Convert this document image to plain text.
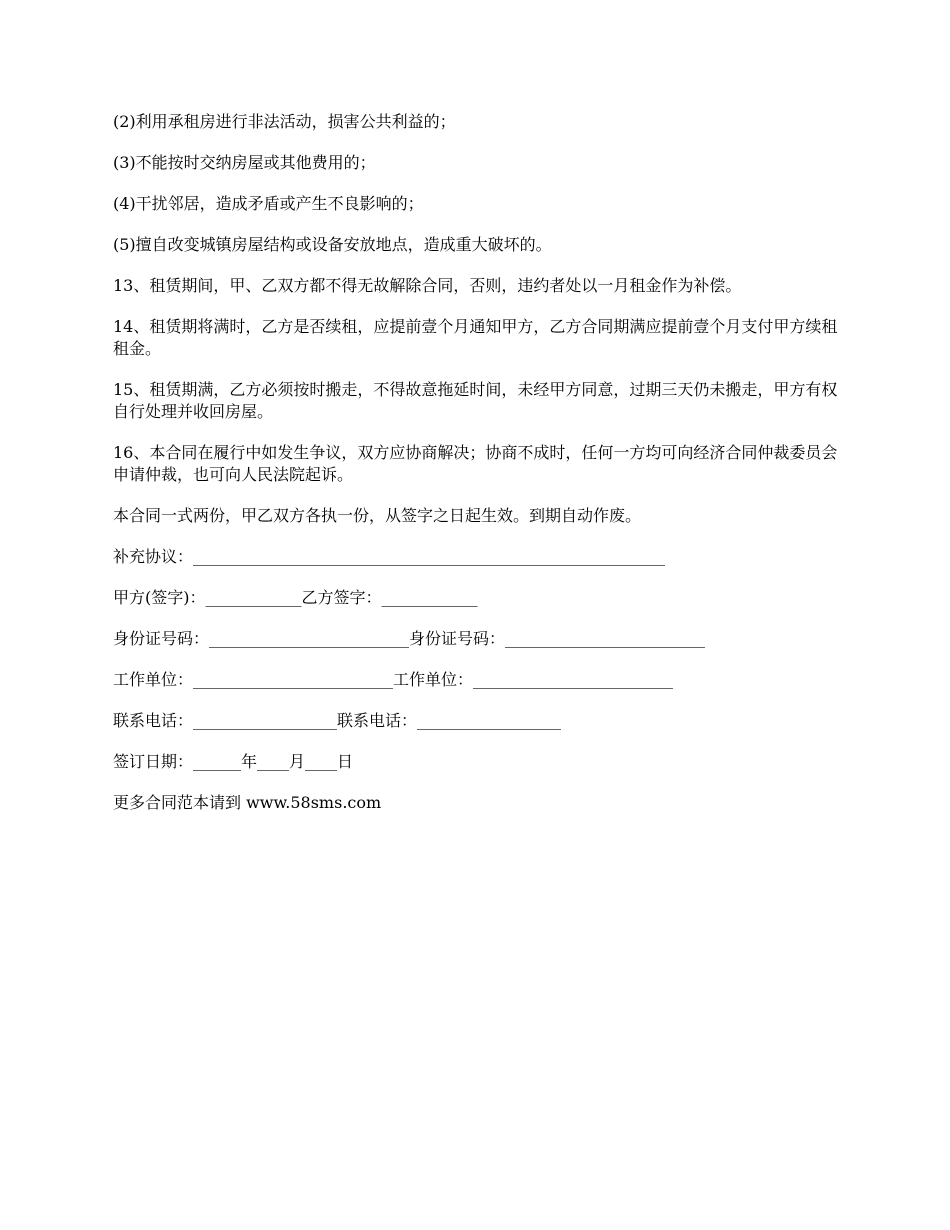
(2)利用承租房进行非法活动，损害公共利益的；

(3)不能按时交纳房屋或其他费用的；

(4)干扰邻居，造成矛盾或产生不良影响的；

(5)擅自改变城镇房屋结构或设备安放地点，造成重大破坏的。

13、租赁期间，甲、乙双方都不得无故解除合同，否则，违约者处以一月租金作为补偿。

14、租赁期将满时，乙方是否续租，应提前壹个月通知甲方，乙方合同期满应提前壹个月支付甲方续租租金。

15、租赁期满，乙方必须按时搬走，不得故意拖延时间，未经甲方同意，过期三天仍未搬走，甲方有权自行处理并收回房屋。

16、本合同在履行中如发生争议，双方应协商解决；协商不成时，任何一方均可向经济合同仲裁委员会申请仲裁，也可向人民法院起诉。

本合同一式两份，甲乙双方各执一份，从签字之日起生效。到期自动作废。

补充协议：___________________________________________________________

甲方(签字)：____________乙方签字：____________

身份证号码：_________________________身份证号码：_________________________

工作单位：_________________________工作单位：_________________________

联系电话：__________________联系电话：__________________

签订日期：______年____月____日

更多合同范本请到 www.58sms.com
